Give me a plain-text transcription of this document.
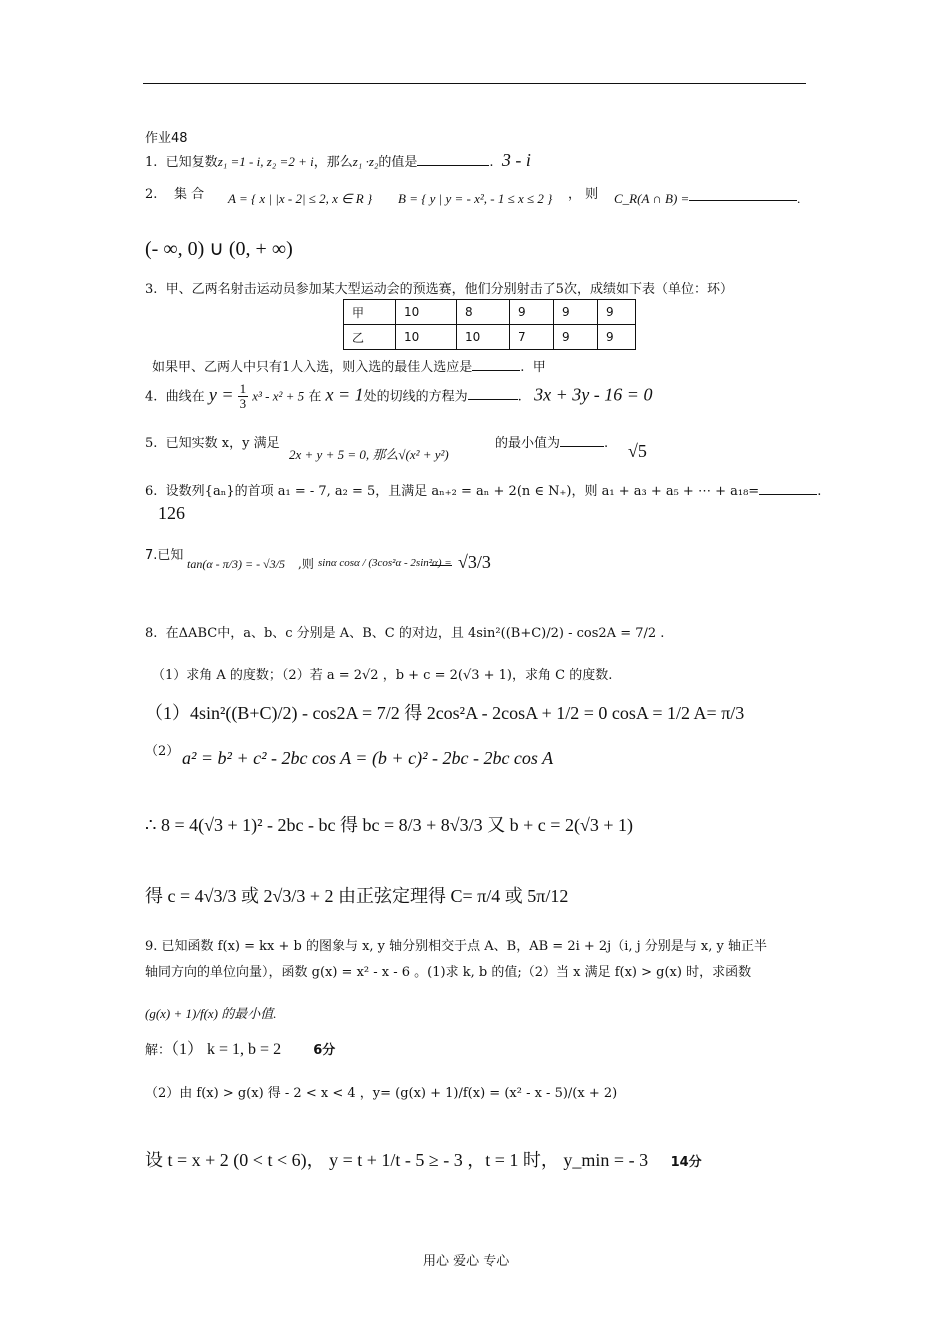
作业48
1. 已知复数z₁ =1 - i, z₂ =2 + i，那么z₁ ·z₂的值是	.  3 - i
2. 集 合	A = { x | |x - 2| ≤ 2, x ∈ R } B = { y | y = - x², - 1 ≤ x ≤ 2 } ， 则 C_R(A ∩ B) =	.
(- ∞, 0) ∪ (0, + ∞)
3. 甲、乙两名射击运动员参加某大型运动会的预选赛，他们分别射击了5次，成绩如下表（单位：环）
甲	10	8	9	9	9
乙	10	10	7	9	9
如果甲、乙两人中只有1人入选，则入选的最佳人选应是	.  甲
4. 曲线在 $y = \frac{1}{3} x^3 - x^2 + 5$ 在 x = 1处的切线的方程为	.   3x + 3y - 16 = 0
5. 已知实数 x，y 满足
2x + y + 5 = 0, 那么√(x² + y²)
的最小值为	. √5
6. 设数列{aₙ}的首项 a₁ = - 7, a₂ = 5，且满足 aₙ₊₂ = aₙ + 2(n ∈ N₊)，则 a₁ + a₃ + a₅ + ⋯ + a₁₈=	.
126
7.已知
tan(α - π/3) = - √3/5 ,则 sinα cosα / (3cos²α - 2sin²α) = √3/3
8. 在ΔABC中，a、b、c 分别是 A、B、C 的对边，且 4sin²((B+C)/2) - cos2A = 7/2 .
（1）求角 A 的度数；（2）若 a = 2√2 ，b + c = 2(√3 + 1)，求角 C 的度数.
（1）4sin²((B+C)/2) - cos2A = 7/2 得 2cos²A - 2cosA + 1/2 = 0 cosA = 1/2 A= π/3
（2） a² = b² + c² - 2bc cos A = (b + c)² - 2bc - 2bc cos A
∴ 8 = 4(√3 + 1)² - 2bc - bc 得 bc = 8/3 + 8√3/3 又 b + c = 2(√3 + 1)
得 c = 4√3/3 或 2√3/3 + 2 由正弦定理得 C= π/4 或 5π/12
9. 已知函数 f(x) = kx + b 的图象与 x, y 轴分别相交于点 A、B，AB = 2i + 2j（i, j 分别是与 x, y 轴正半
轴同方向的单位向量），函数 g(x) = x² - x - 6 。(1)求 k, b 的值;（2）当 x 满足 f(x) > g(x) 时，求函数
(g(x) + 1)/f(x) 的最小值.
解：（1） k = 1, b = 2 6分
（2）由 f(x) > g(x) 得 - 2 < x < 4 ，y= (g(x) + 1)/f(x) = (x² - x - 5)/(x + 2)
设 t = x + 2 (0 < t < 6)， y = t + 1/t - 5 ≥ - 3 ，t = 1 时， y_min = - 3 14分
用心 爱心 专心
